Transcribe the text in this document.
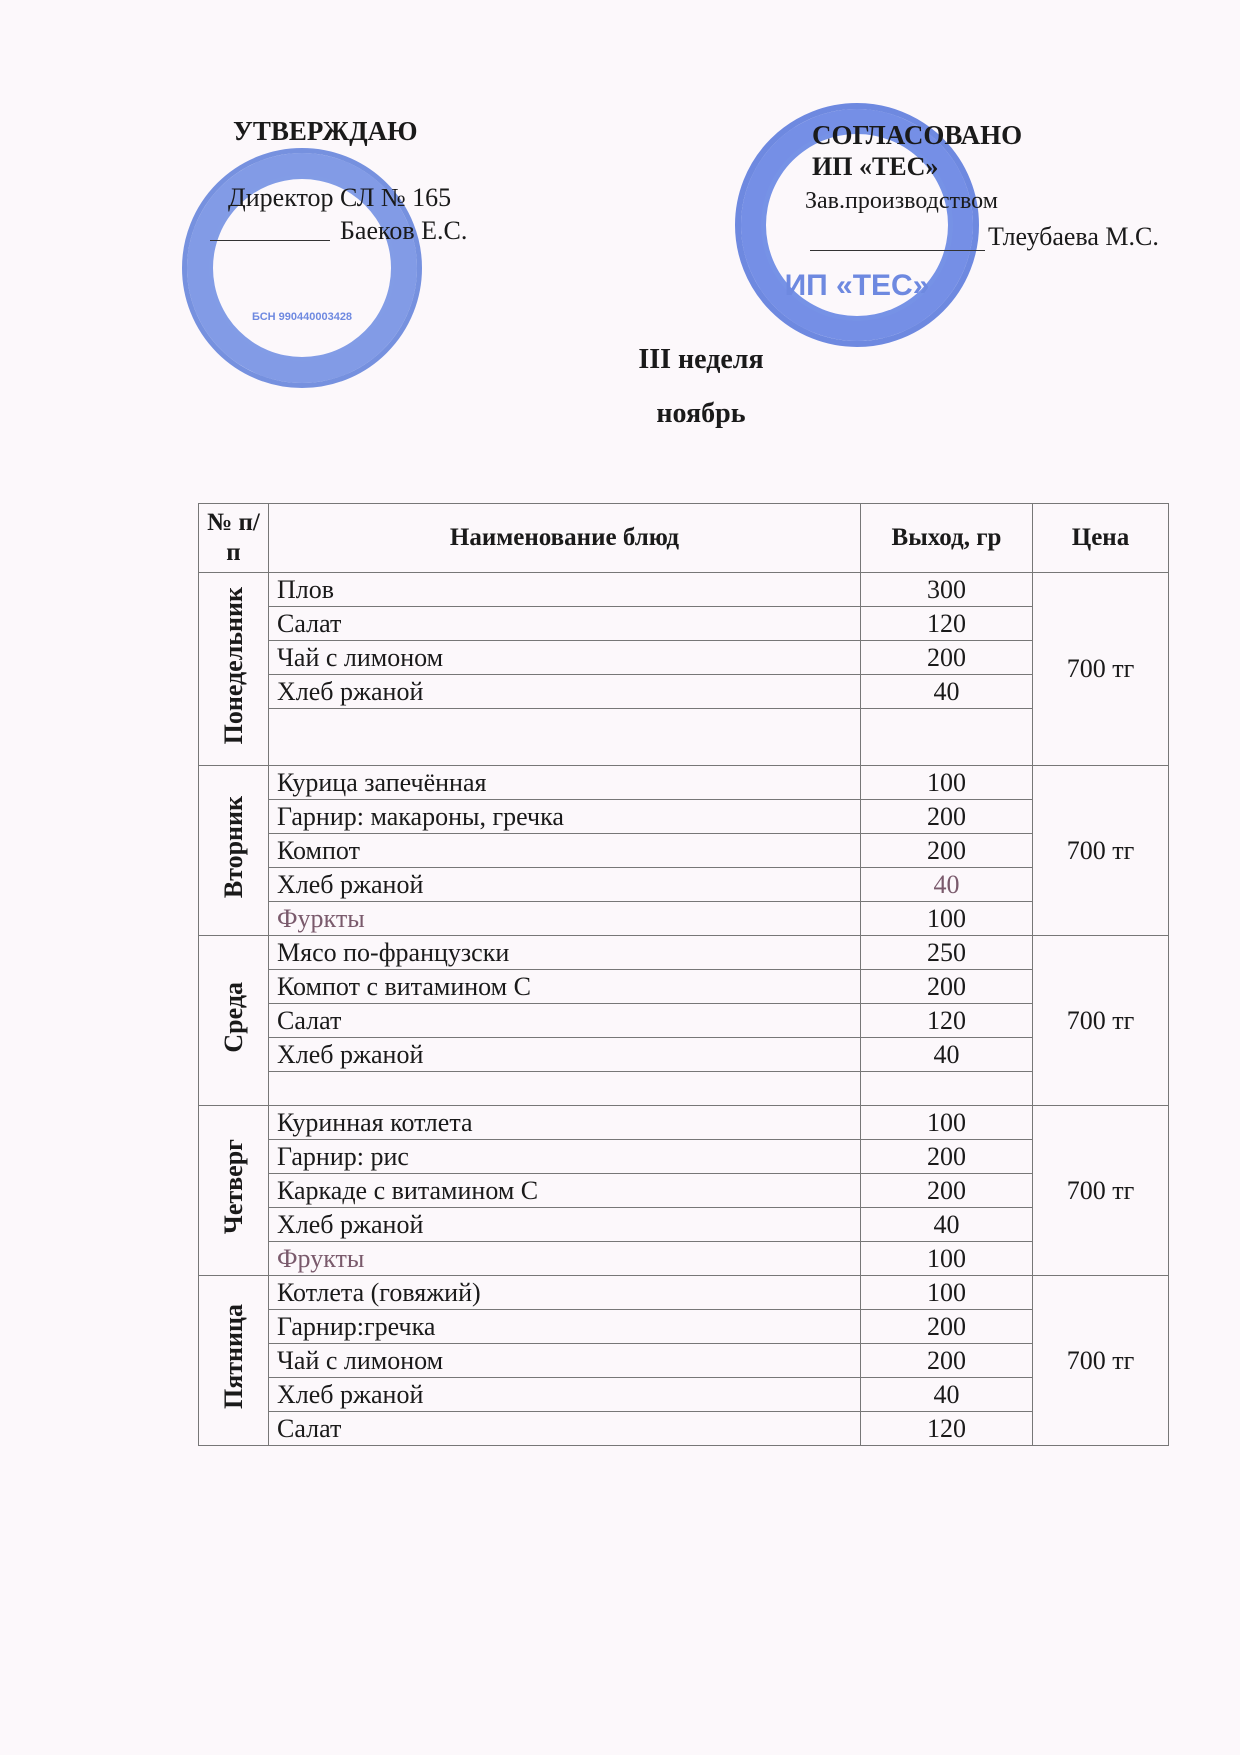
БСН 990440003428
ИП «ТЕС»
УТВЕРЖДАЮ
Директор СЛ № 165
Баеков Е.С.
СОГЛАСОВАНО
ИП «ТЕС»
Зав.производством
Тлеубаева М.С.
III неделя
ноябрь
№ п/п	Наименование блюд	Выход, гр	Цена
Понедельник	Плов	300	700 тг
	Салат	120	
	Чай с лимоном	200	
	Хлеб ржаной	40	

Вторник	Курица запечённая	100	700 тг
	Гарнир: макароны, гречка	200	
	Компот	200	
	Хлеб ржаной	40	
	Фуркты	100	
Среда	Мясо по-французски	250	700 тг
	Компот с витамином С	200	
	Салат	120	
	Хлеб ржаной	40	

Четверг	Куринная котлета	100	700 тг
	Гарнир: рис	200	
	Каркаде с витамином С	200	
	Хлеб ржаной	40	
	Фрукты	100	
Пятница	Котлета (говяжий)	100	700 тг
	Гарнир:гречка	200	
	Чай с лимоном	200	
	Хлеб ржаной	40	
	Салат	120	
